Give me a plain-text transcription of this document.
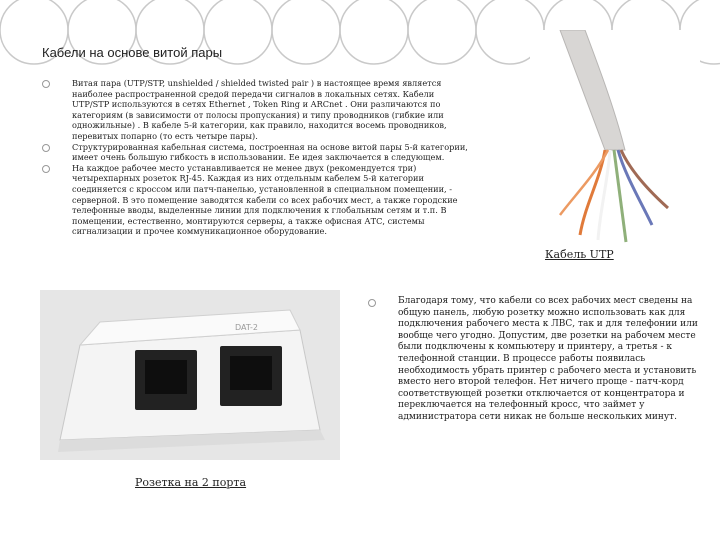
Кабели на основе витой пары
Витая пара (UTP/STP, unshielded / shielded twisted pair ) в настоящее время является наиболее распространенной средой передачи сигналов в локальных сетях. Кабели UTP/STP используются в сетях Ethernet , Token Ring и ARCnet . Они различаются по категориям (в зависимости от полосы пропускания) и типу проводников (гибкие или одножильные) . В кабеле 5-й категории, как правило, находится восемь проводников, перевитых попарно (то есть четыре пары).
Структурированная кабельная система, построенная на основе витой пары 5-й категории, имеет очень большую гибкость в использовании. Ее идея заключается в следующем.
На каждое рабочее место устанавливается не менее двух (рекомендуется три) четырехпарных розеток RJ-45. Каждая из них отдельным кабелем 5-й категории соединяется с кроссом или патч-панелью, установленной в специальном помещении, - серверной. В это помещение заводятся кабели со всех рабочих мест, а также городские телефонные вводы, выделенные линии для подключения к глобальным сетям и т.п. В помещении, естественно, монтируются серверы, а также офисная АТС, системы сигнализации и прочее коммуникационное оборудование.
Кабель UTP
DAT-2
Розетка на 2 порта
Благодаря тому, что кабели со всех рабочих мест сведены на общую панель, любую розетку можно использовать как для подключения рабочего места к ЛВС, так и для телефонии или вообще чего угодно. Допустим, две розетки на рабочем месте были подключены к компьютеру и принтеру, а третья - к телефонной станции. В процессе работы появилась необходимость убрать принтер с рабочего места и установить вместо него второй телефон. Нет ничего проще - патч-корд соответствующей розетки отключается от концентратора и переключается на телефонный кросс, что займет у администратора сети никак не больше нескольких минут.
